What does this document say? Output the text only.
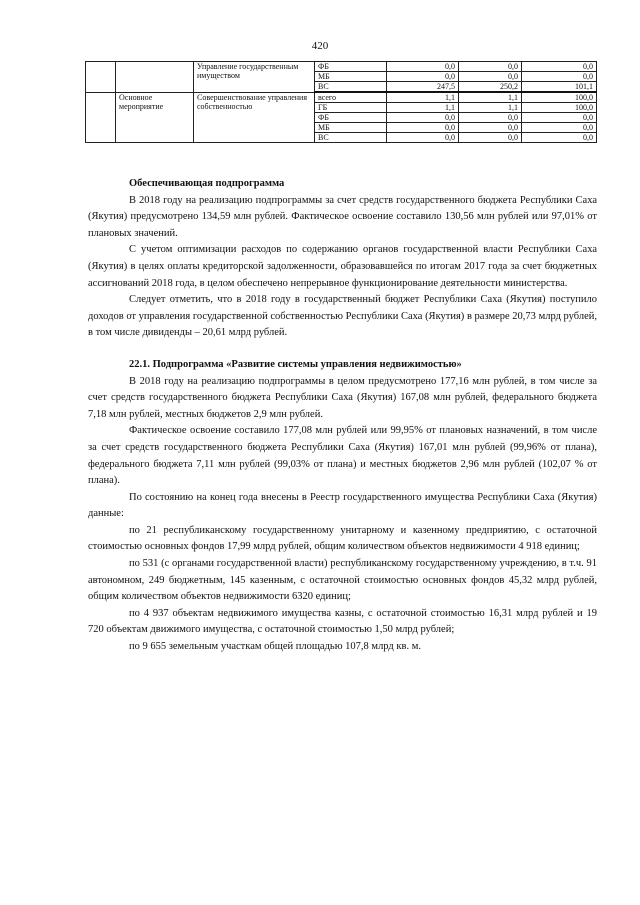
420
		Управление государственным имуществом	ФБ	0,0	0,0	0,0
			МБ	0,0	0,0	0,0
			ВС	247,5	250,2	101,1
	Основное мероприятие	Совершенствование управления собственностью	всего	1,1	1,1	100,0
			ГБ	1,1	1,1	100,0
			ФБ	0,0	0,0	0,0
			МБ	0,0	0,0	0,0
			ВС	0,0	0,0	0,0

Обеспечивающая подпрограмма

В 2018 году на реализацию подпрограммы за счет средств государственного бюджета Республики Саха (Якутия) предусмотрено 134,59 млн рублей. Фактическое освоение составило 130,56 млн рублей или 97,01% от плановых значений.

С учетом оптимизации расходов по содержанию органов государственной власти Республики Саха (Якутия) в целях оплаты кредиторской задолженности, образовавшейся по итогам 2017 года за счет бюджетных ассигнований 2018 года, в целом обеспечено непрерывное функционирование деятельности министерства.

Следует отметить, что в 2018 году в государственный бюджет Республики Саха (Якутия) поступило доходов от управления государственной собственностью Республики Саха (Якутия) в размере 20,73 млрд рублей, в том числе дивиденды – 20,61 млрд рублей.

22.1. Подпрограмма «Развитие системы управления недвижимостью»

В 2018 году на реализацию подпрограммы в целом предусмотрено 177,16 млн рублей, в том числе за счет средств государственного бюджета Республики Саха (Якутия) 167,08 млн рублей, федерального бюджета 7,18 млн рублей, местных бюджетов 2,9 млн рублей.

Фактическое освоение составило 177,08 млн рублей или 99,95% от плановых назначений, в том числе за счет средств государственного бюджета Республики Саха (Якутия) 167,01 млн рублей (99,96% от плана), федерального бюджета 7,11 млн рублей (99,03% от плана) и местных бюджетов 2,96 млн рублей (102,07 % от плана).

По состоянию на конец года внесены в Реестр государственного имущества Республики Саха (Якутия) данные:

по 21 республиканскому государственному унитарному и казенному предприятию, с остаточной стоимостью основных фондов 17,99 млрд рублей, общим количеством объектов недвижимости 4 918 единиц;

по 531 (с органами государственной власти) республиканскому государственному учреждению, в т.ч. 91 автономном, 249 бюджетным, 145 казенным, с остаточной стоимостью основных фондов 45,32 млрд рублей, общим количеством объектов недвижимости 6320 единиц;

по 4 937 объектам недвижимого имущества казны, с остаточной стоимостью 16,31 млрд рублей и 19 720 объектам движимого имущества, с остаточной стоимостью 1,50 млрд рублей;

по 9 655 земельным участкам общей площадью 107,8 млрд кв. м.
